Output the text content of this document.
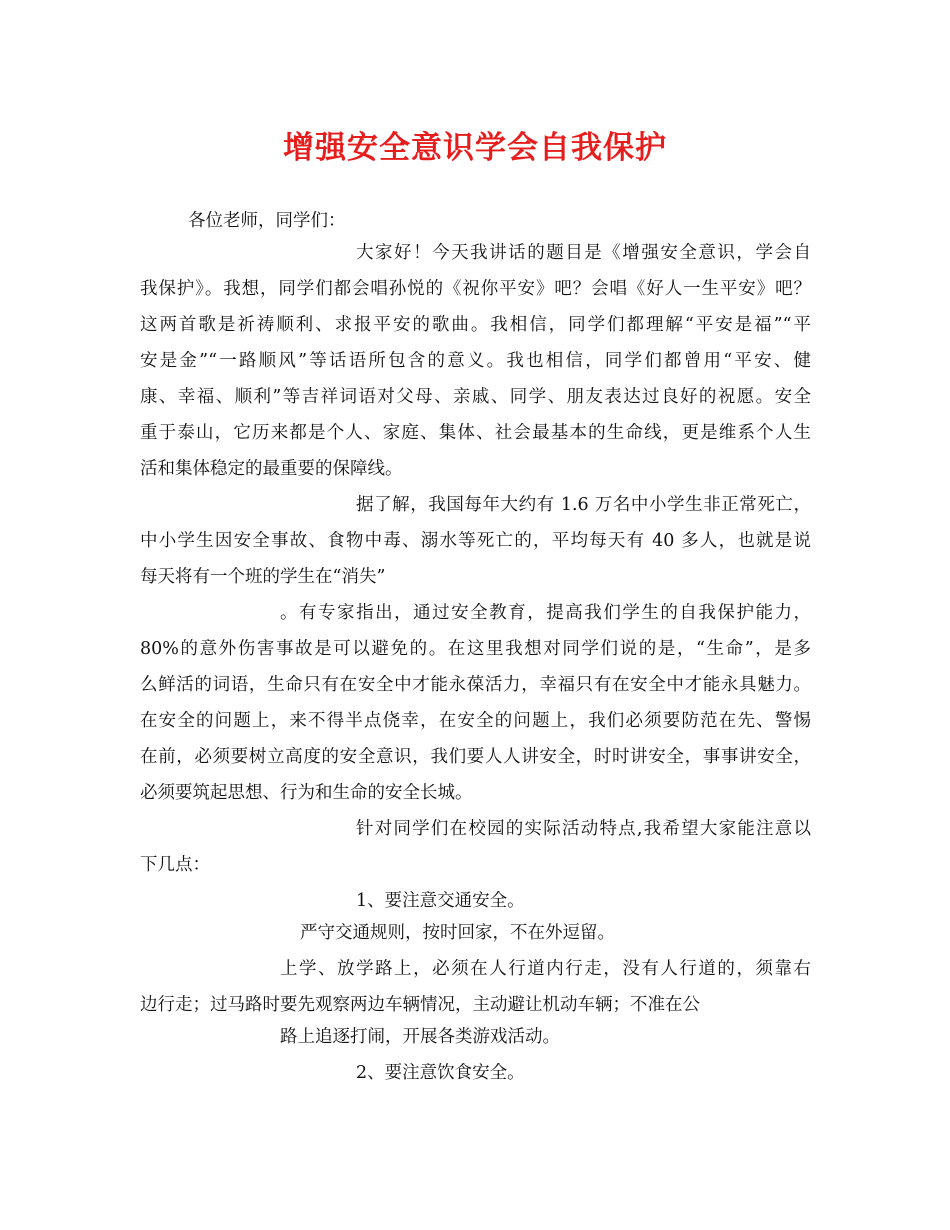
增强安全意识学会自我保护
各位老师，同学们：
大家好！今天我讲话的题目是《增强安全意识，学会自
我保护》。我想，同学们都会唱孙悦的《祝你平安》吧？会唱《好人一生平安》吧？
这两首歌是祈祷顺利、求报平安的歌曲。我相信，同学们都理解“平安是福”“平
安是金”“一路顺风”等话语所包含的意义。我也相信，同学们都曾用“平安、健
康、幸福、顺利”等吉祥词语对父母、亲戚、同学、朋友表达过良好的祝愿。安全
重于泰山，它历来都是个人、家庭、集体、社会最基本的生命线，更是维系个人生
活和集体稳定的最重要的保障线。
据了解，我国每年大约有 1.6 万名中小学生非正常死亡，
中小学生因安全事故、食物中毒、溺水等死亡的，平均每天有 40 多人，也就是说
每天将有一个班的学生在“消失”
。有专家指出，通过安全教育，提高我们学生的自我保护能力，
80%的意外伤害事故是可以避免的。在这里我想对同学们说的是，“生命”，是多
么鲜活的词语，生命只有在安全中才能永葆活力，幸福只有在安全中才能永具魅力。
在安全的问题上，来不得半点侥幸，在安全的问题上，我们必须要防范在先、警惕
在前，必须要树立高度的安全意识，我们要人人讲安全，时时讲安全，事事讲安全，
必须要筑起思想、行为和生命的安全长城。
针对同学们在校园的实际活动特点,我希望大家能注意以
下几点：
1、要注意交通安全。
严守交通规则，按时回家，不在外逗留。
上学、放学路上，必须在人行道内行走，没有人行道的，须靠右
边行走；过马路时要先观察两边车辆情况，主动避让机动车辆；不准在公
路上追逐打闹，开展各类游戏活动。
2、要注意饮食安全。
